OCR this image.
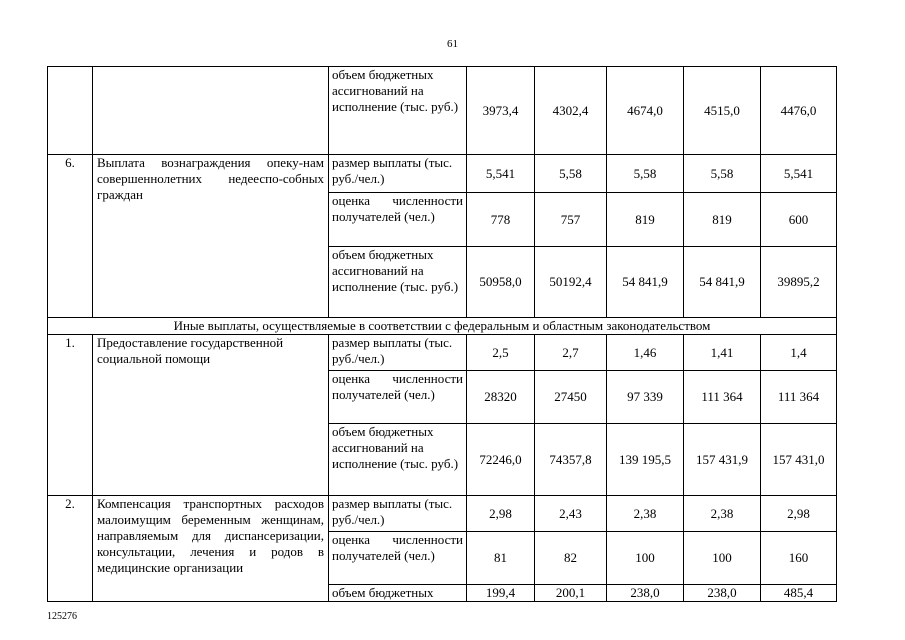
61
		объем бюджетных ассигнований на исполнение (тыс. руб.)	3973,4	4302,4	4674,0	4515,0	4476,0
6.	Выплата вознаграждения опеку-нам совершеннолетних недееспо-собных граждан	размер выплаты (тыс. руб./чел.)	5,541	5,58	5,58	5,58	5,541
		оценка численности получателей (чел.)	778	757	819	819	600
		объем бюджетных ассигнований на исполнение (тыс. руб.)	50958,0	50192,4	54 841,9	54 841,9	39895,2
Иные выплаты, осуществляемые в соответствии с федеральным и областным законодательством							
1.	Предоставление государственной социальной помощи	размер выплаты (тыс. руб./чел.)	2,5	2,7	1,46	1,41	1,4
		оценка численности получателей (чел.)	28320	27450	97 339	111 364	111 364
		объем бюджетных ассигнований на исполнение (тыс. руб.)	72246,0	74357,8	139 195,5	157 431,9	157 431,0
2.	Компенсация транспортных расходов малоимущим беременным женщинам, направляемым для диспансеризации, консультации, лечения и родов в медицинские организации	размер выплаты (тыс. руб./чел.)	2,98	2,43	2,38	2,38	2,98
		оценка численности получателей (чел.)	81	82	100	100	160
		объем бюджетных	199,4	200,1	238,0	238,0	485,4
125276
